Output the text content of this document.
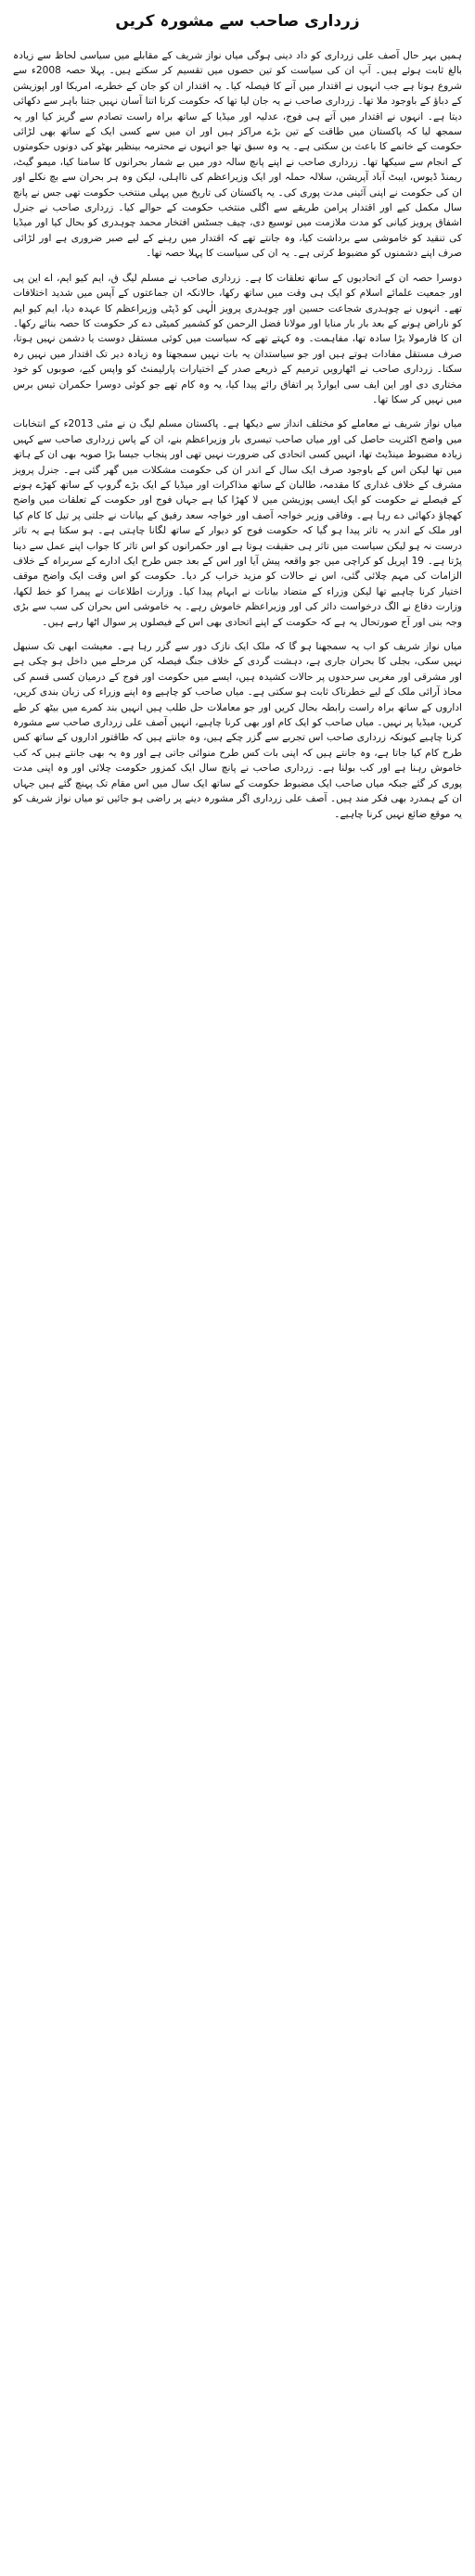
زرداری صاحب سے مشورہ کریں

ہمیں بہر حال آصف علی زرداری کو داد دینی ہوگی میاں نواز شریف کے مقابلے میں سیاسی لحاظ سے زیادہ بالغ ثابت ہوئے ہیں۔ آپ ان کی سیاست کو تین حصوں میں تقسیم کر سکتے ہیں۔ پہلا حصہ 2008ء سے شروع ہوتا ہے جب انہوں نے اقتدار میں آنے کا فیصلہ کیا۔ یہ اقتدار ان کو جان کے خطرے، امریکا اور اپوزیشن کے دباؤ کے باوجود ملا تھا۔ زرداری صاحب نے یہ جان لیا تھا کہ حکومت کرنا اتنا آسان نہیں جتنا باہر سے دکھائی دیتا ہے۔ انہوں نے اقتدار میں آتے ہی فوج، عدلیہ اور میڈیا کے ساتھ براہ راست تصادم سے گریز کیا اور یہ سمجھ لیا کہ پاکستان میں طاقت کے تین بڑے مراکز ہیں اور ان میں سے کسی ایک کے ساتھ بھی لڑائی حکومت کے خاتمے کا باعث بن سکتی ہے۔ یہ وہ سبق تھا جو انہوں نے محترمہ بینظیر بھٹو کی دونوں حکومتوں کے انجام سے سیکھا تھا۔ زرداری صاحب نے اپنے پانچ سالہ دور میں بے شمار بحرانوں کا سامنا کیا، میمو گیٹ، ریمنڈ ڈیوس، ایبٹ آباد آپریشن، سلالہ حملہ اور ایک وزیراعظم کی نااہلی، لیکن وہ ہر بحران سے بچ نکلے اور ان کی حکومت نے اپنی آئینی مدت پوری کی۔ یہ پاکستان کی تاریخ میں پہلی منتخب حکومت تھی جس نے پانچ سال مکمل کیے اور اقتدار پرامن طریقے سے اگلی منتخب حکومت کے حوالے کیا۔ زرداری صاحب نے جنرل اشفاق پرویز کیانی کو مدت ملازمت میں توسیع دی، چیف جسٹس افتخار محمد چوہدری کو بحال کیا اور میڈیا کی تنقید کو خاموشی سے برداشت کیا، وہ جانتے تھے کہ اقتدار میں رہنے کے لیے صبر ضروری ہے اور لڑائی صرف اپنے دشمنوں کو مضبوط کرتی ہے۔ یہ ان کی سیاست کا پہلا حصہ تھا۔

دوسرا حصہ ان کے اتحادیوں کے ساتھ تعلقات کا ہے۔ زرداری صاحب نے مسلم لیگ ق، ایم کیو ایم، اے این پی اور جمعیت علمائے اسلام کو ایک ہی وقت میں ساتھ رکھا، حالانکہ ان جماعتوں کے آپس میں شدید اختلافات تھے۔ انہوں نے چوہدری شجاعت حسین اور چوہدری پرویز الٰہی کو ڈپٹی وزیراعظم کا عہدہ دیا، ایم کیو ایم کو ناراض ہونے کے بعد بار بار منایا اور مولانا فضل الرحمن کو کشمیر کمیٹی دے کر حکومت کا حصہ بنائے رکھا۔ ان کا فارمولا بڑا سادہ تھا، مفاہمت۔ وہ کہتے تھے کہ سیاست میں کوئی مستقل دوست یا دشمن نہیں ہوتا، صرف مستقل مفادات ہوتے ہیں اور جو سیاستدان یہ بات نہیں سمجھتا وہ زیادہ دیر تک اقتدار میں نہیں رہ سکتا۔ زرداری صاحب نے اٹھارویں ترمیم کے ذریعے صدر کے اختیارات پارلیمنٹ کو واپس کیے، صوبوں کو خود مختاری دی اور این ایف سی ایوارڈ پر اتفاق رائے پیدا کیا، یہ وہ کام تھے جو کوئی دوسرا حکمران تیس برس میں نہیں کر سکا تھا۔

میاں نواز شریف نے معاملے کو مختلف انداز سے دیکھا ہے۔ پاکستان مسلم لیگ ن نے مئی 2013ء کے انتخابات میں واضح اکثریت حاصل کی اور میاں صاحب تیسری بار وزیراعظم بنے، ان کے پاس زرداری صاحب سے کہیں زیادہ مضبوط مینڈیٹ تھا، انہیں کسی اتحادی کی ضرورت نہیں تھی اور پنجاب جیسا بڑا صوبہ بھی ان کے ہاتھ میں تھا لیکن اس کے باوجود صرف ایک سال کے اندر ان کی حکومت مشکلات میں گھر گئی ہے۔ جنرل پرویز مشرف کے خلاف غداری کا مقدمہ، طالبان کے ساتھ مذاکرات اور میڈیا کے ایک بڑے گروپ کے ساتھ کھڑے ہونے کے فیصلے نے حکومت کو ایک ایسی پوزیشن میں لا کھڑا کیا ہے جہاں فوج اور حکومت کے تعلقات میں واضح کھچاؤ دکھائی دے رہا ہے۔ وفاقی وزیر خواجہ آصف اور خواجہ سعد رفیق کے بیانات نے جلتی پر تیل کا کام کیا اور ملک کے اندر یہ تاثر پیدا ہو گیا کہ حکومت فوج کو دیوار کے ساتھ لگانا چاہتی ہے۔ ہو سکتا ہے یہ تاثر درست نہ ہو لیکن سیاست میں تاثر ہی حقیقت ہوتا ہے اور حکمرانوں کو اس تاثر کا جواب اپنے عمل سے دینا پڑتا ہے۔ 19 اپریل کو کراچی میں جو واقعہ پیش آیا اور اس کے بعد جس طرح ایک ادارے کے سربراہ کے خلاف الزامات کی مہم چلائی گئی، اس نے حالات کو مزید خراب کر دیا۔ حکومت کو اس وقت ایک واضح موقف اختیار کرنا چاہیے تھا لیکن وزراء کے متضاد بیانات نے ابہام پیدا کیا۔ وزارت اطلاعات نے پیمرا کو خط لکھا، وزارت دفاع نے الگ درخواست دائر کی اور وزیراعظم خاموش رہے۔ یہ خاموشی اس بحران کی سب سے بڑی وجہ بنی اور آج صورتحال یہ ہے کہ حکومت کے اپنے اتحادی بھی اس کے فیصلوں پر سوال اٹھا رہے ہیں۔

میاں نواز شریف کو اب یہ سمجھنا ہو گا کہ ملک ایک نازک دور سے گزر رہا ہے۔ معیشت ابھی تک سنبھل نہیں سکی، بجلی کا بحران جاری ہے، دہشت گردی کے خلاف جنگ فیصلہ کن مرحلے میں داخل ہو چکی ہے اور مشرقی اور مغربی سرحدوں پر حالات کشیدہ ہیں، ایسے میں حکومت اور فوج کے درمیان کسی قسم کی محاذ آرائی ملک کے لیے خطرناک ثابت ہو سکتی ہے۔ میاں صاحب کو چاہیے وہ اپنے وزراء کی زبان بندی کریں، اداروں کے ساتھ براہ راست رابطہ بحال کریں اور جو معاملات حل طلب ہیں انہیں بند کمرے میں بیٹھ کر طے کریں، میڈیا پر نہیں۔ میاں صاحب کو ایک کام اور بھی کرنا چاہیے، انہیں آصف علی زرداری صاحب سے مشورہ کرنا چاہیے کیونکہ زرداری صاحب اس تجربے سے گزر چکے ہیں، وہ جانتے ہیں کہ طاقتور اداروں کے ساتھ کس طرح کام کیا جاتا ہے، وہ جانتے ہیں کہ اپنی بات کس طرح منوائی جاتی ہے اور وہ یہ بھی جانتے ہیں کہ کب خاموش رہنا ہے اور کب بولنا ہے۔ زرداری صاحب نے پانچ سال ایک کمزور حکومت چلائی اور وہ اپنی مدت پوری کر گئے جبکہ میاں صاحب ایک مضبوط حکومت کے ساتھ ایک سال میں اس مقام تک پہنچ گئے ہیں جہاں ان کے ہمدرد بھی فکر مند ہیں۔ آصف علی زرداری اگر مشورہ دینے پر راضی ہو جائیں تو میاں نواز شریف کو یہ موقع ضائع نہیں کرنا چاہیے۔
